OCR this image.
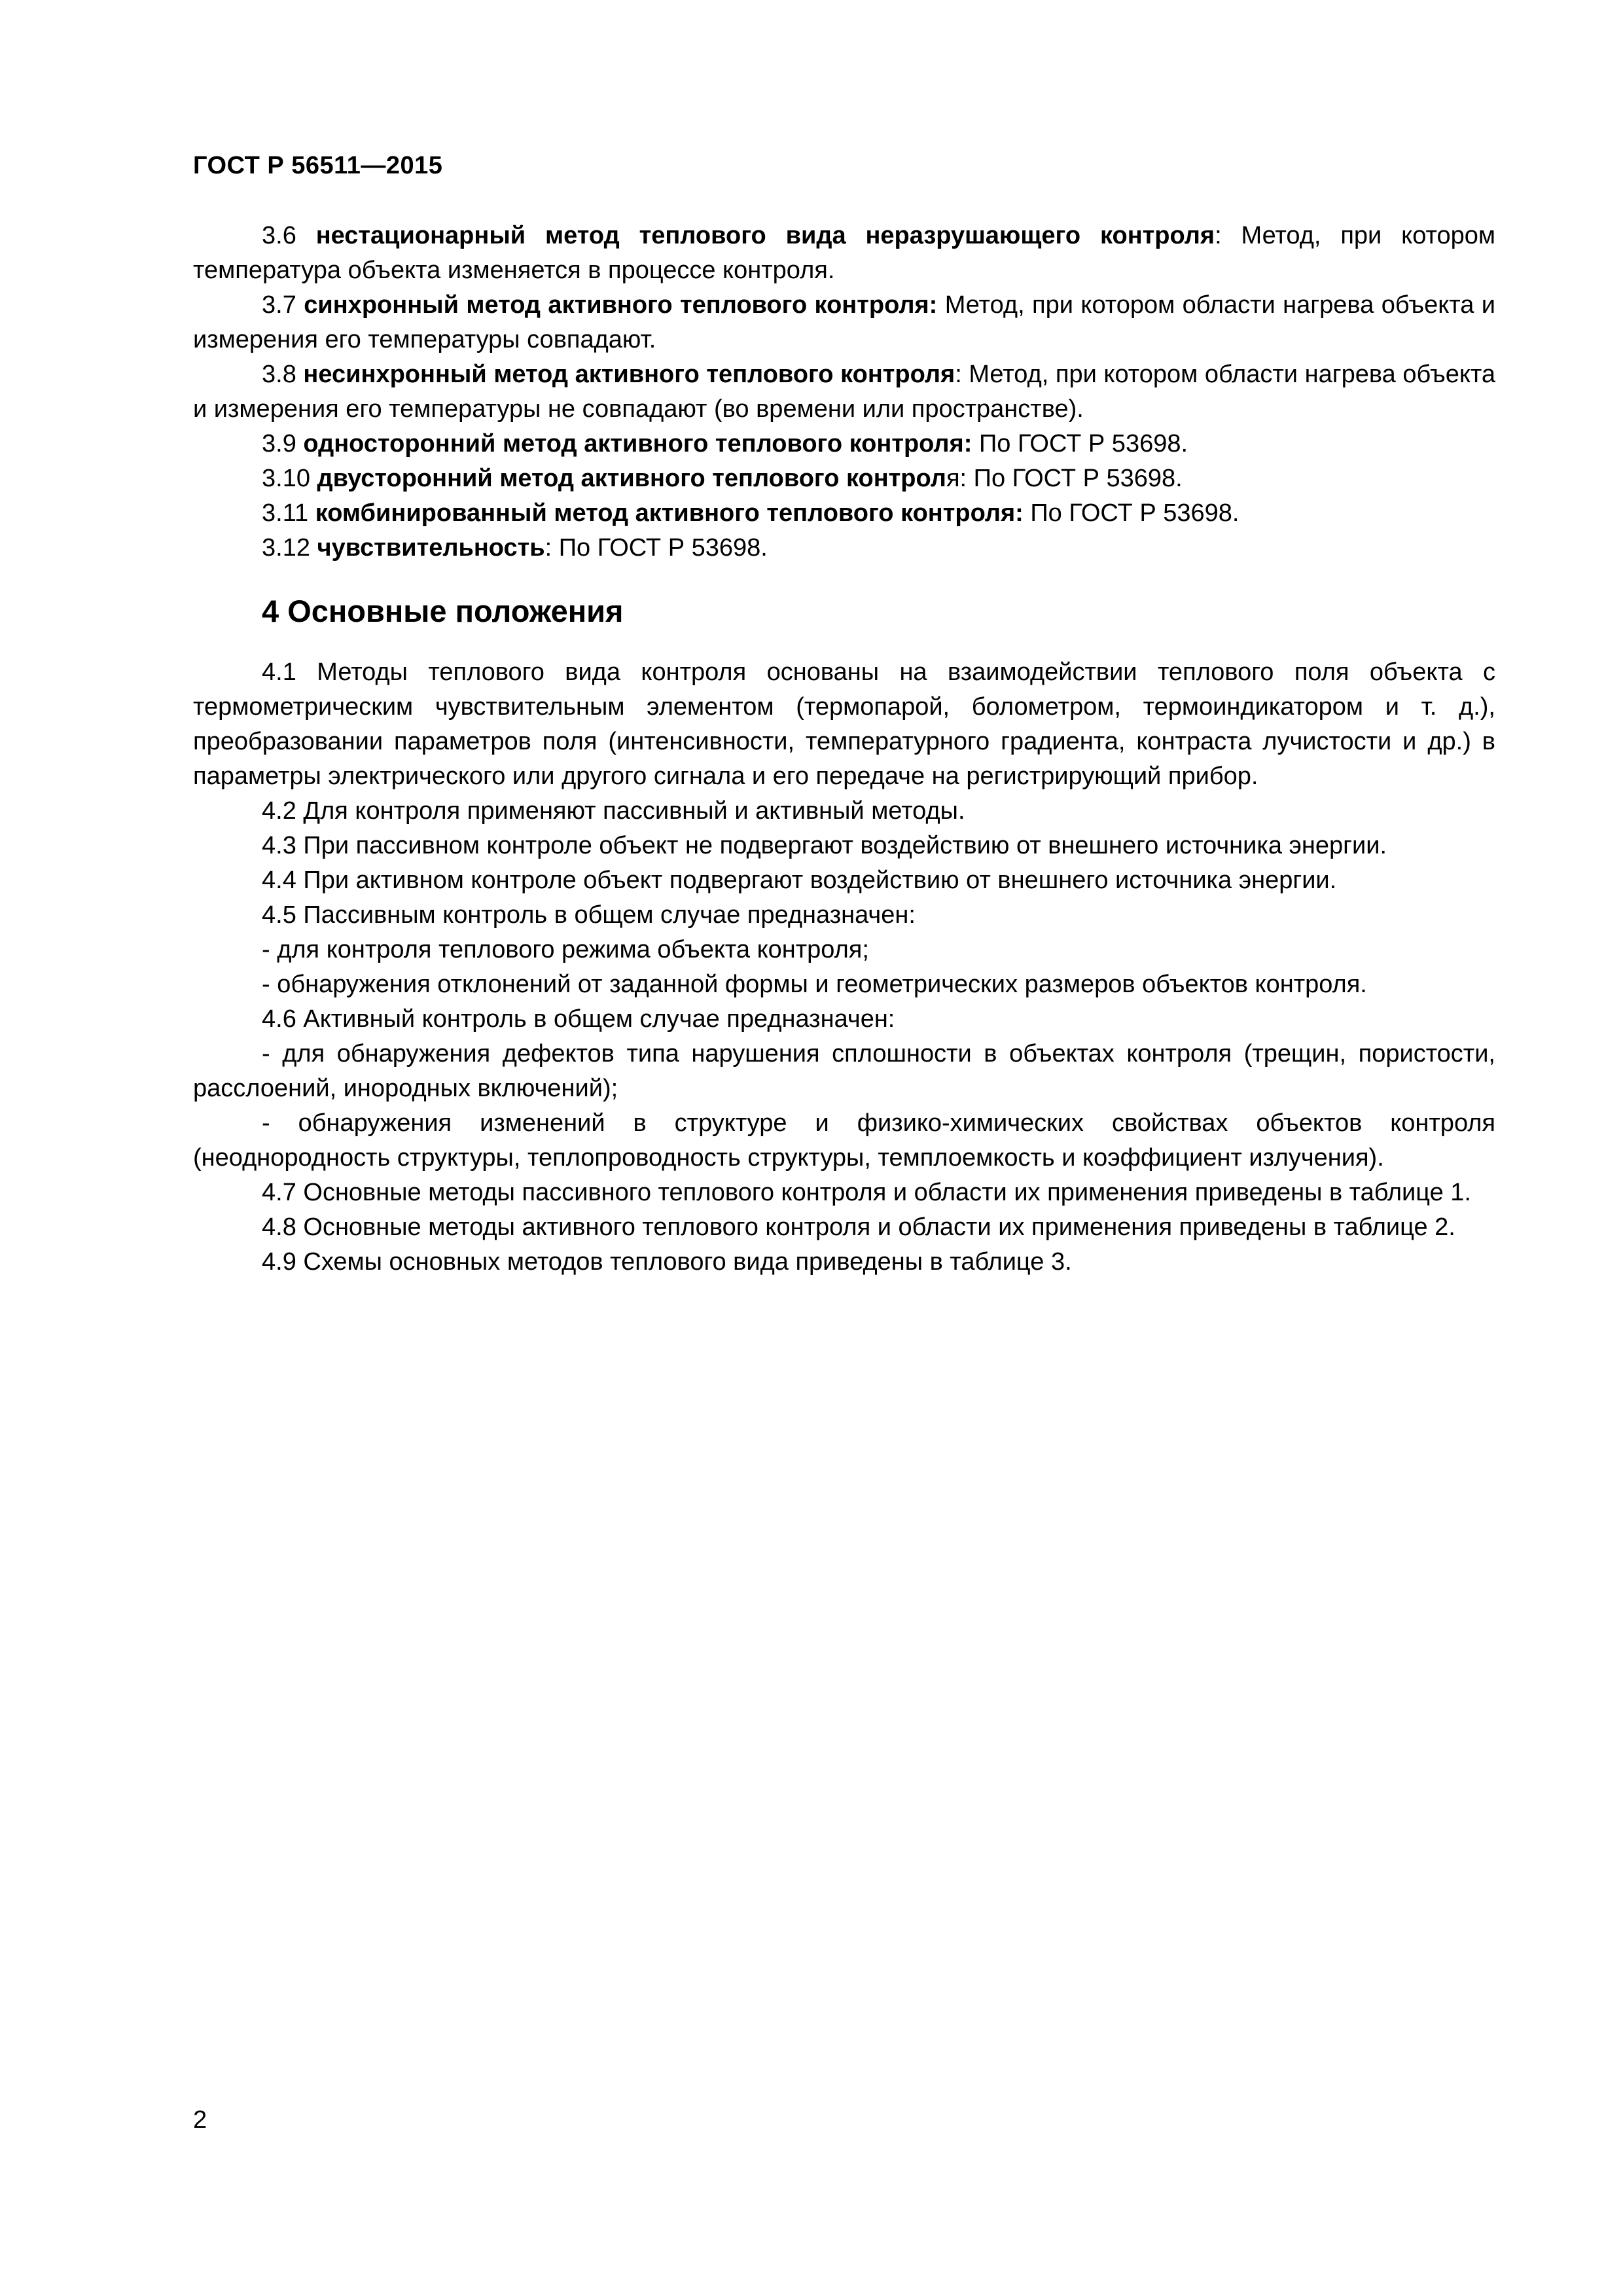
ГОСТ Р 56511—2015

3.6 нестационарный метод теплового вида неразрушающего контроля: Метод, при котором температура объекта изменяется в процессе контроля.

3.7 синхронный метод активного теплового контроля: Метод, при котором области нагрева объекта и измерения его температуры совпадают.

3.8 несинхронный метод активного теплового контроля: Метод, при котором области нагрева объекта и измерения его температуры не совпадают (во времени или пространстве).

3.9 односторонний метод активного теплового контроля: По ГОСТ Р 53698.

3.10 двусторонний метод активного теплового контроля: По ГОСТ Р 53698.

3.11 комбинированный метод активного теплового контроля: По ГОСТ Р 53698.

3.12 чувствительность: По ГОСТ Р 53698.

4 Основные положения

4.1 Методы теплового вида контроля основаны на взаимодействии теплового поля объекта с термометрическим чувствительным элементом (термопарой, болометром, термоиндикатором и т. д.), преобразовании параметров поля (интенсивности, температурного градиента, контраста лучистости и др.) в параметры электрического или другого сигнала и его передаче на регистрирующий прибор.

4.2 Для контроля применяют пассивный и активный методы.

4.3 При пассивном контроле объект не подвергают воздействию от внешнего источника энергии.

4.4 При активном контроле объект подвергают воздействию от внешнего источника энергии.

4.5 Пассивным контроль в общем случае предназначен:

- для контроля теплового режима объекта контроля;

- обнаружения отклонений от заданной формы и геометрических размеров объектов контроля.

4.6 Активный контроль в общем случае предназначен:

- для обнаружения дефектов типа нарушения сплошности в объектах контроля (трещин, пористости, расслоений, инородных включений);

- обнаружения изменений в структуре и физико-химических свойствах объектов контроля (неоднородность структуры, теплопроводность структуры, темплоемкость и коэффициент излучения).

4.7 Основные методы пассивного теплового контроля и области их применения приведены в таблице 1.

4.8 Основные методы активного теплового контроля и области их применения приведены в таблице 2.

4.9 Схемы основных методов теплового вида приведены в таблице 3.

2
